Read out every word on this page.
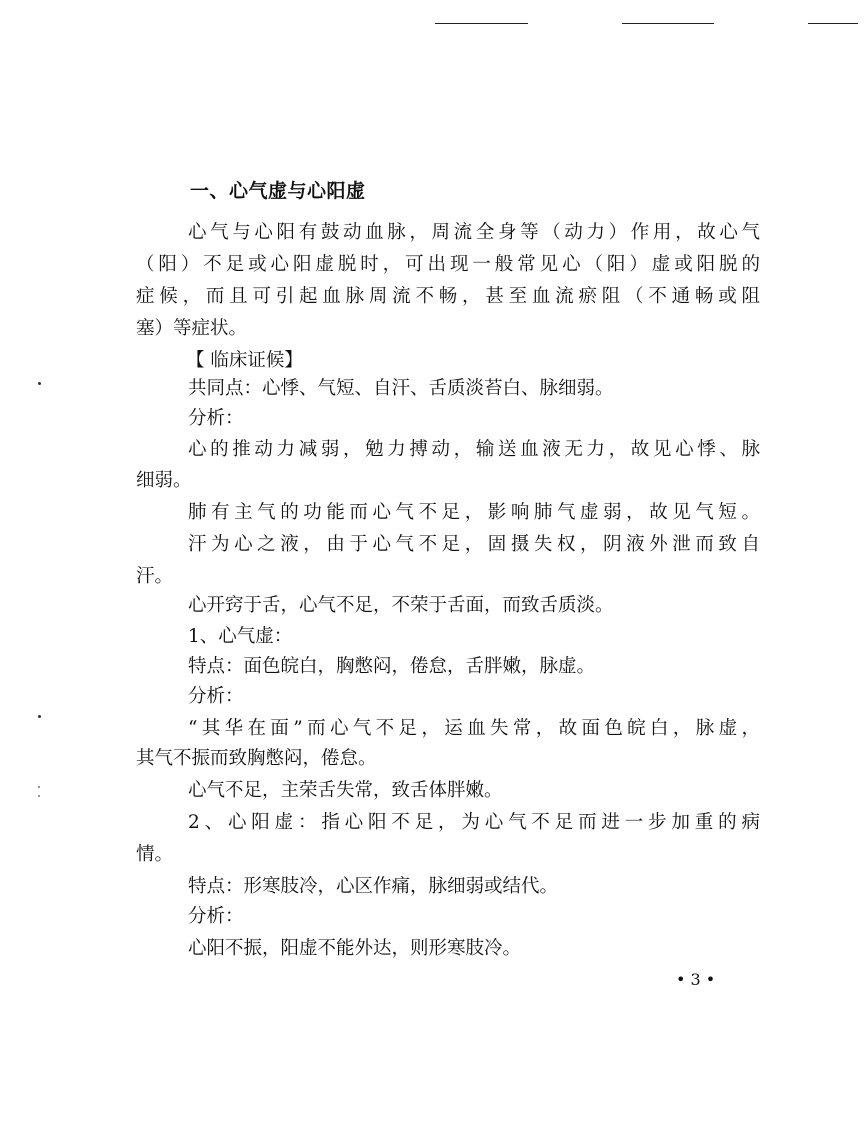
一、心气虚与心阳虚
心气与心阳有鼓动血脉，周流全身等（动力）作用，故心气
（阳）不足或心阳虚脱时，可出现一般常见心（阳）虚或阳脱的
症候，而且可引起血脉周流不畅，甚至血流瘀阻（不通畅或阻
塞）等症状。
【 临床证候】
共同点：心悸、气短、自汗、舌质淡苔白、脉细弱。
分析：
心的推动力减弱，勉力搏动，输送血液无力，故见心悸、脉
细弱。
肺有主气的功能而心气不足，影响肺气虚弱，故见气短。
汗为心之液，由于心气不足，固摄失权，阴液外泄而致自
汗。
心开窍于舌，心气不足，不荣于舌面，而致舌质淡。
1、心气虚：
特点：面色皖白，胸憋闷，倦怠，舌胖嫩，脉虚。
分析：
“其华在面”而心气不足，运血失常，故面色皖白，脉虚，
其气不振而致胸憋闷，倦怠。
心气不足，主荣舌失常，致舌体胖嫩。
2、心阳虚：指心阳不足，为心气不足而进一步加重的病
情。
特点：形寒肢冷，心区作痛，脉细弱或结代。
分析：
心阳不振，阳虚不能外达，则形寒肢冷。
• 3 •
